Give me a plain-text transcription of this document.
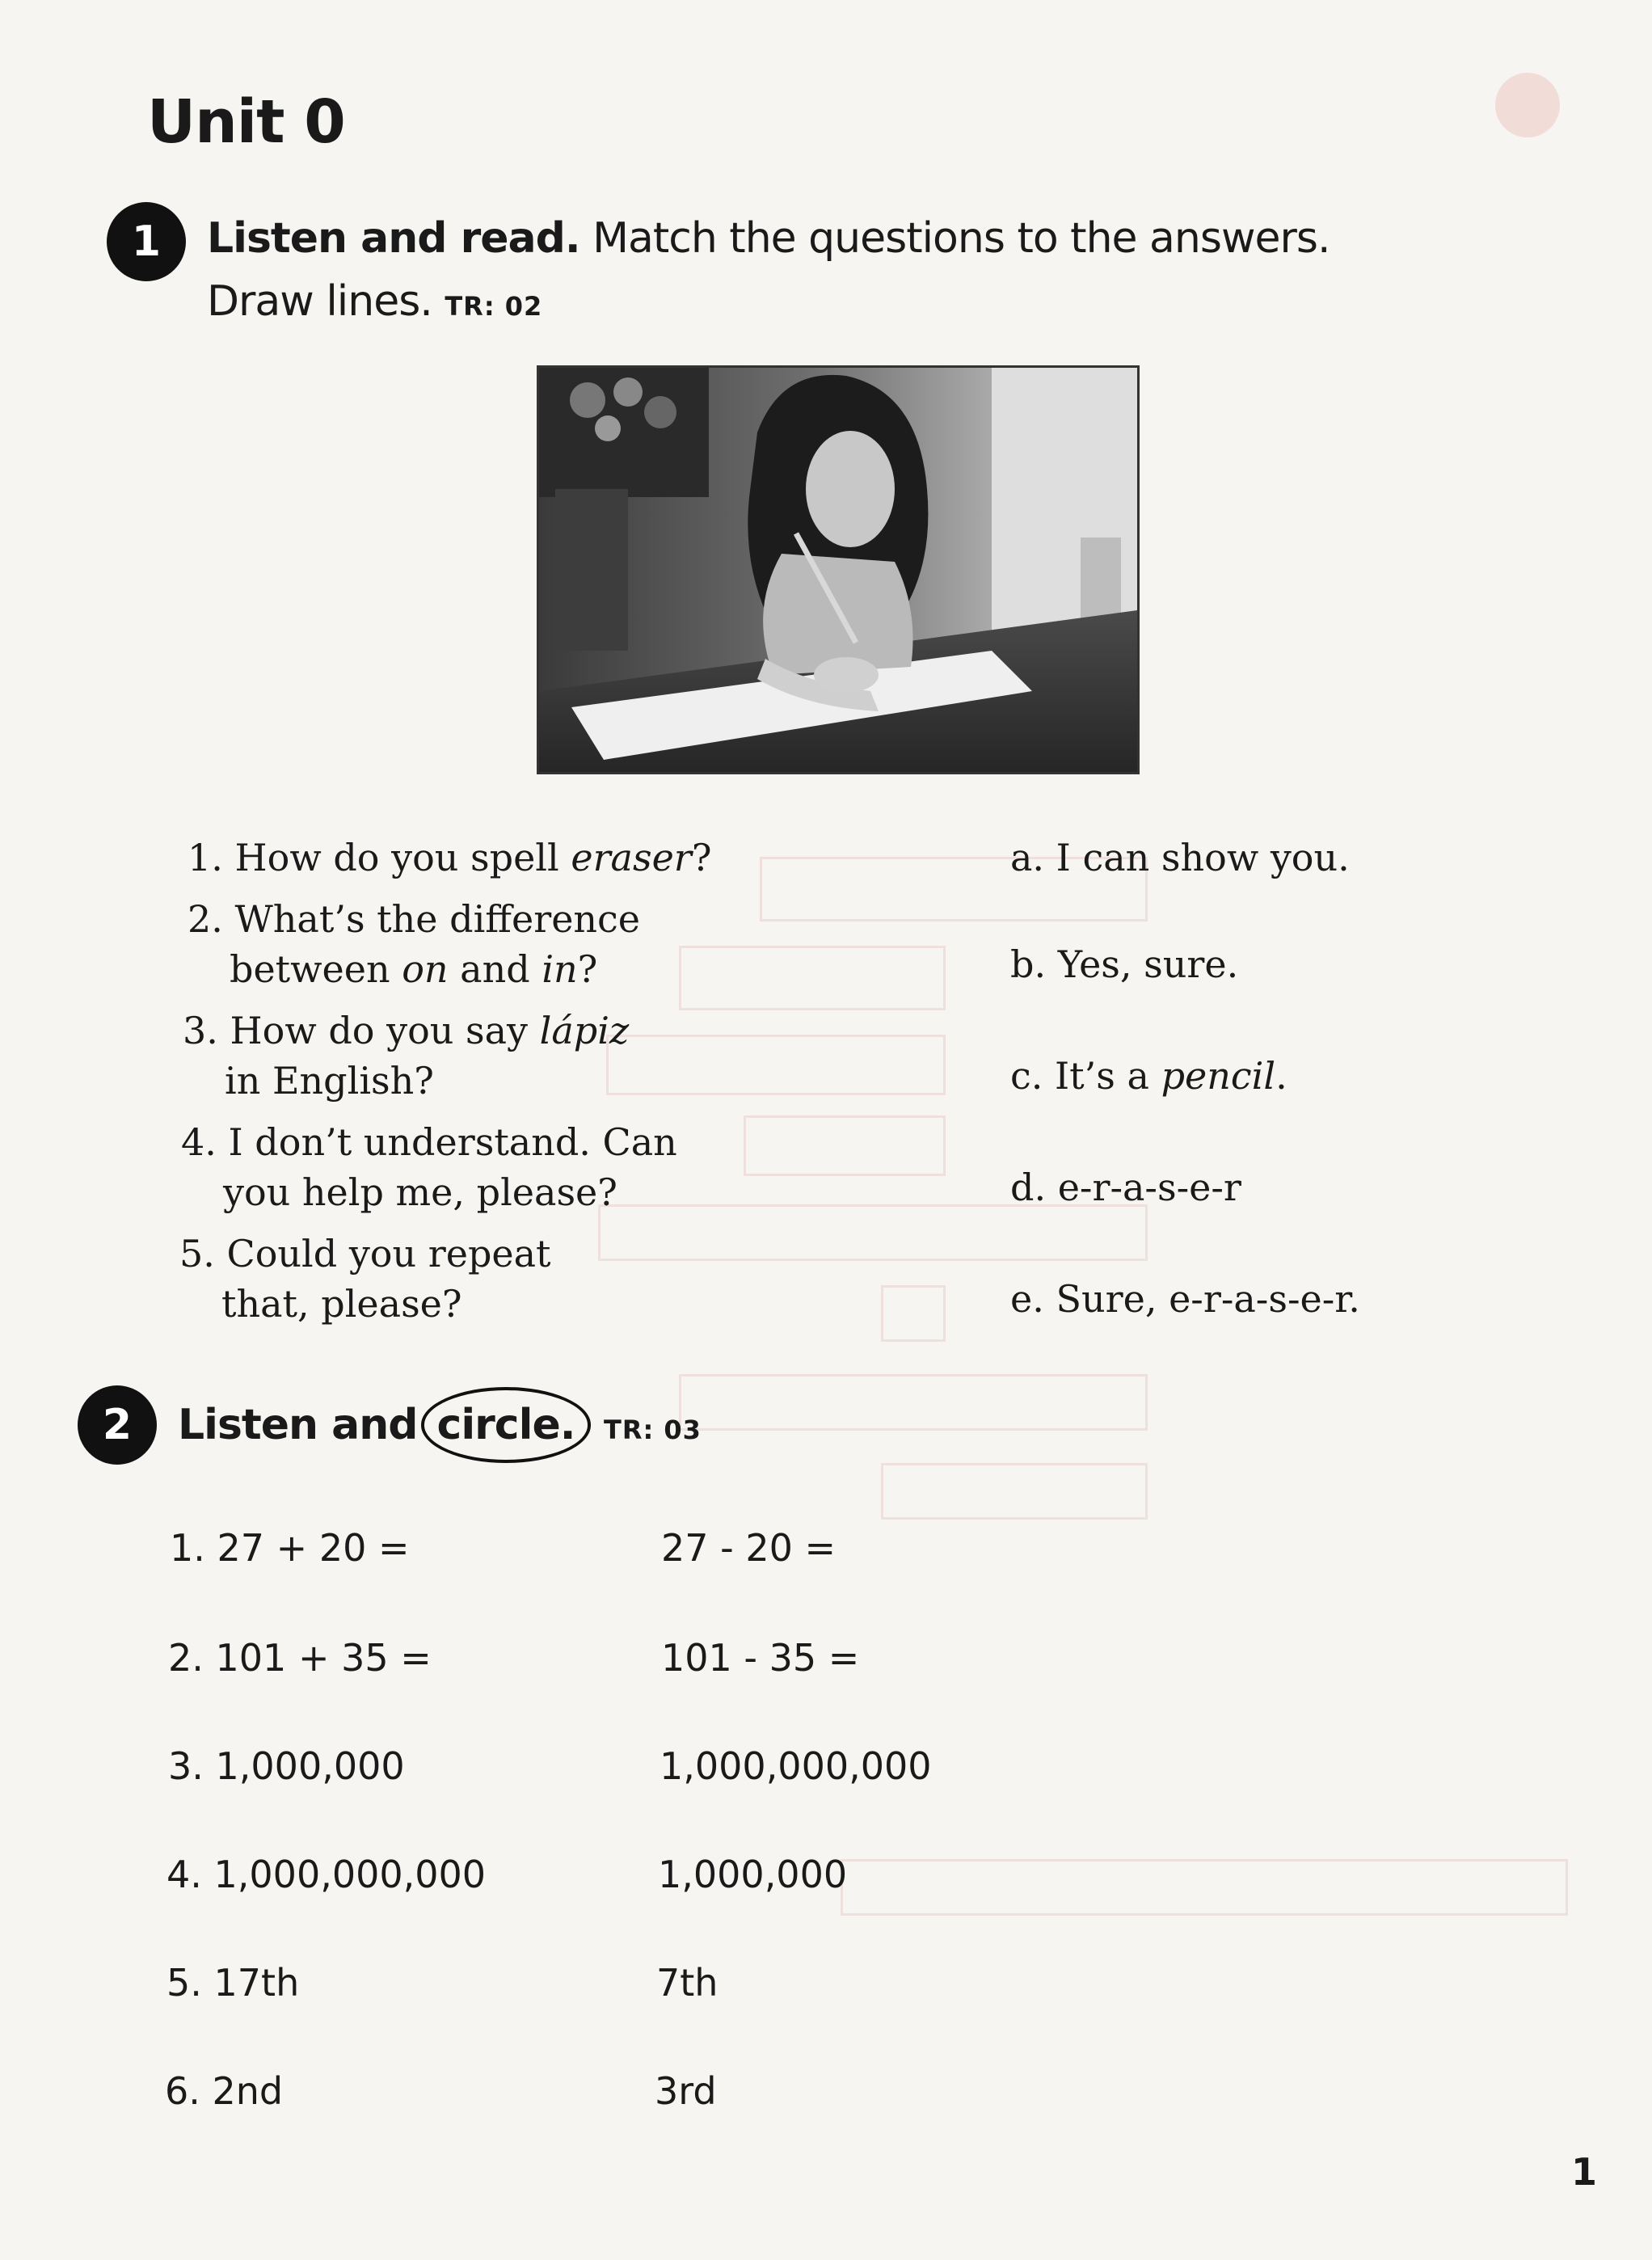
Unit 0
1	Listen and read. Match the questions to the answers.
Draw lines. TR: 02
1. How do you spell eraser?
2. What’s the difference
between on and in?
3. How do you say lápiz
in English?
4. I don’t understand. Can
you help me, please?
5. Could you repeat
that, please?
a. I can show you.
b. Yes, sure.
c. It’s a pencil.
d. e-r-a-s-e-r
e. Sure, e-r-a-s-e-r.
2	Listen and circle. TR: 03
1. 27 + 20 =	27 - 20 =
2. 101 + 35 =	101 - 35 =
3. 1,000,000	1,000,000,000
4. 1,000,000,000	1,000,000
5. 17th	7th
6. 2nd	3rd
1
